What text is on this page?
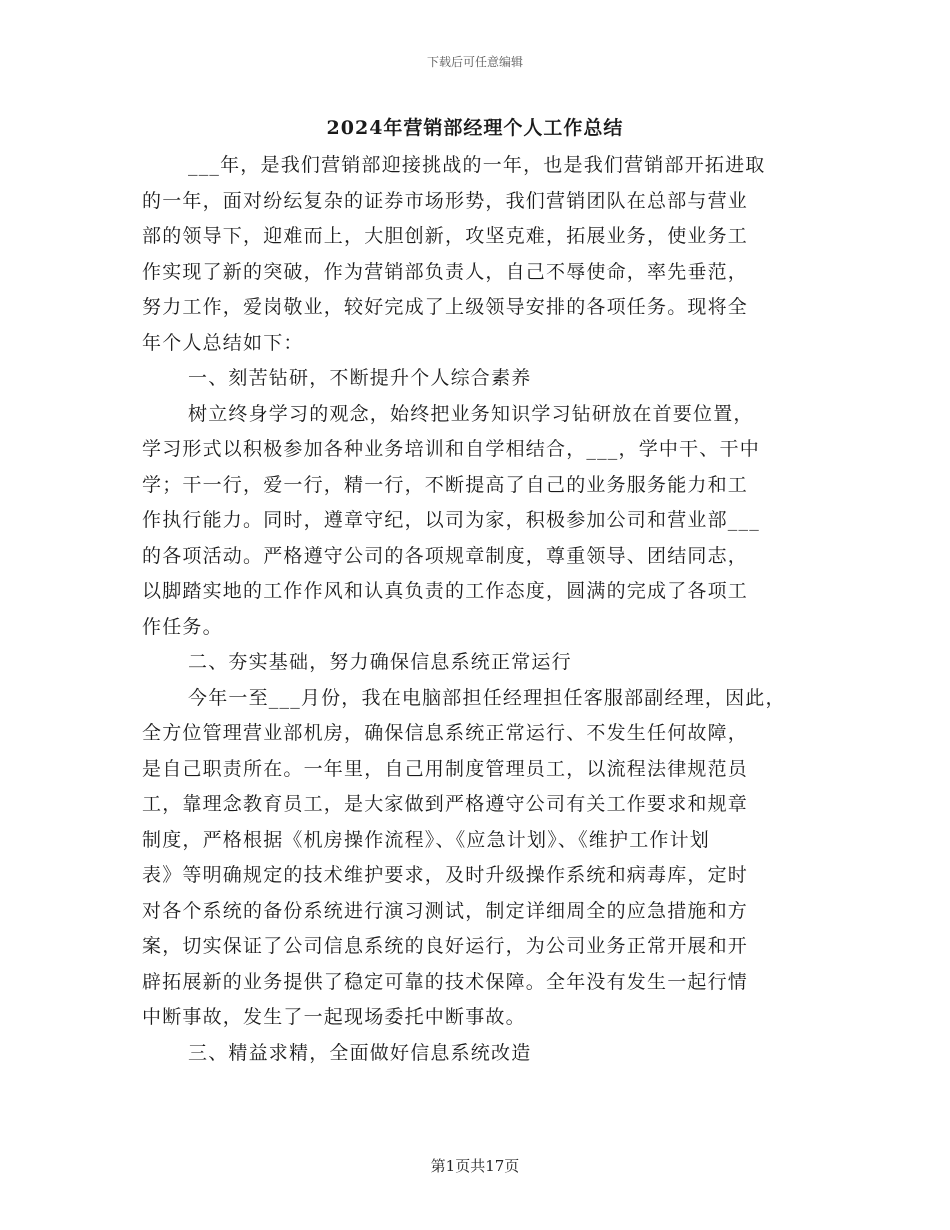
下载后可任意编辑
2024年营销部经理个人工作总结
___年，是我们营销部迎接挑战的一年，也是我们营销部开拓进取
的一年，面对纷纭复杂的证券市场形势，我们营销团队在总部与营业
部的领导下，迎难而上，大胆创新，攻坚克难，拓展业务，使业务工
作实现了新的突破，作为营销部负责人，自己不辱使命，率先垂范，
努力工作，爱岗敬业，较好完成了上级领导安排的各项任务。现将全
年个人总结如下：
一、刻苦钻研，不断提升个人综合素养
树立终身学习的观念，始终把业务知识学习钻研放在首要位置，
学习形式以积极参加各种业务培训和自学相结合，___，学中干、干中
学；干一行，爱一行，精一行，不断提高了自己的业务服务能力和工
作执行能力。同时，遵章守纪，以司为家，积极参加公司和营业部___
的各项活动。严格遵守公司的各项规章制度，尊重领导、团结同志，
以脚踏实地的工作作风和认真负责的工作态度，圆满的完成了各项工
作任务。
二、夯实基础，努力确保信息系统正常运行
今年一至___月份，我在电脑部担任经理担任客服部副经理，因此，
全方位管理营业部机房，确保信息系统正常运行、不发生任何故障，
是自己职责所在。一年里，自己用制度管理员工，以流程法律规范员
工，靠理念教育员工，是大家做到严格遵守公司有关工作要求和规章
制度，严格根据《机房操作流程》、《应急计划》、《维护工作计划
表》等明确规定的技术维护要求，及时升级操作系统和病毒库，定时
对各个系统的备份系统进行演习测试，制定详细周全的应急措施和方
案，切实保证了公司信息系统的良好运行，为公司业务正常开展和开
辟拓展新的业务提供了稳定可靠的技术保障。全年没有发生一起行情
中断事故，发生了一起现场委托中断事故。
三、精益求精，全面做好信息系统改造
第1页共17页
